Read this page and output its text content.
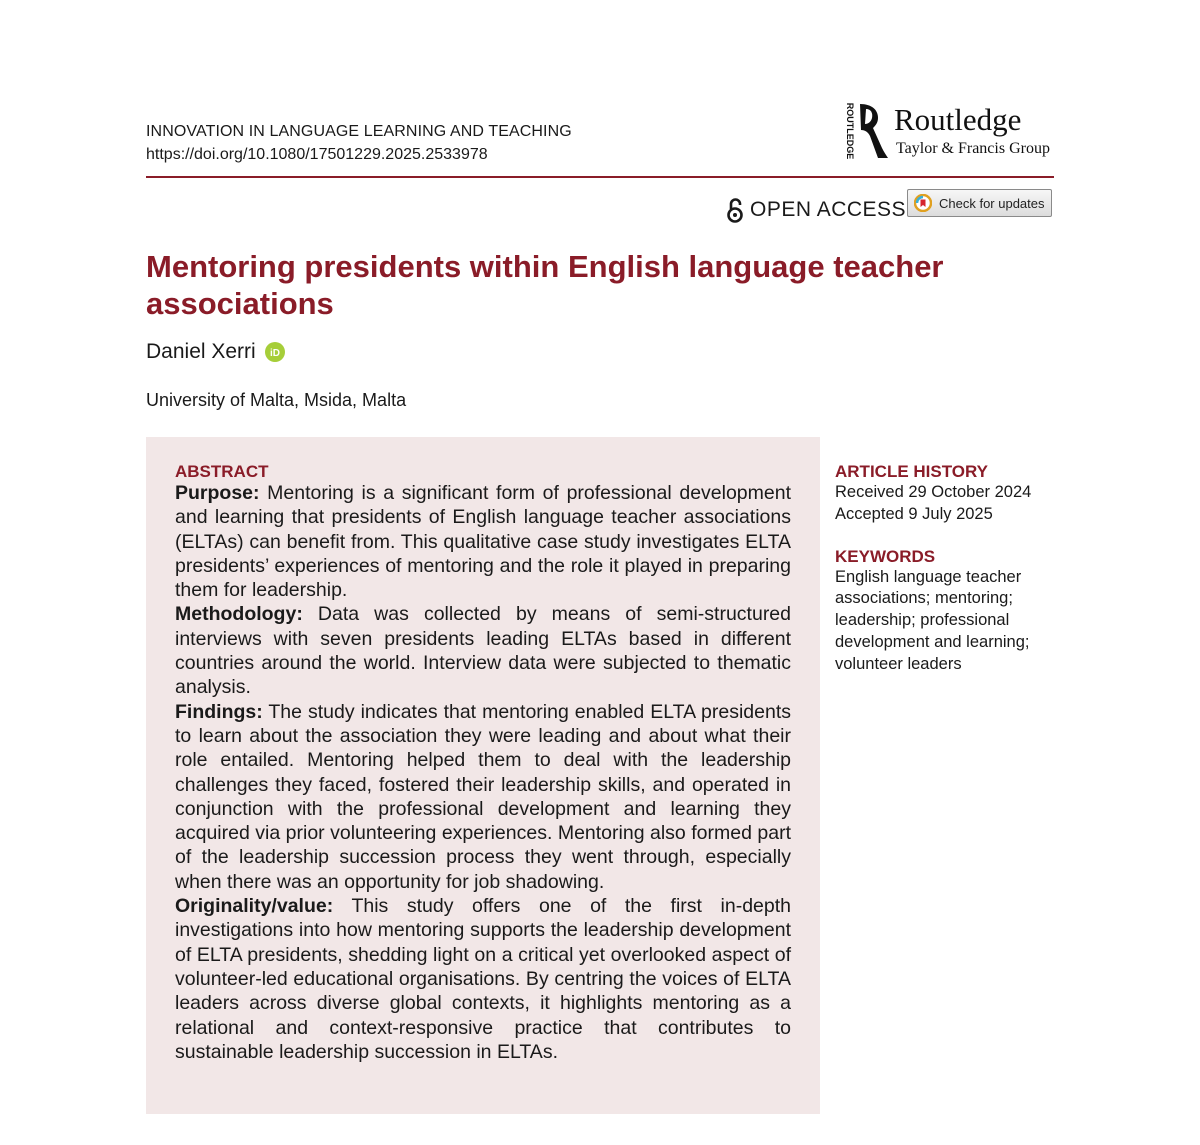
INNOVATION IN LANGUAGE LEARNING AND TEACHING
https://doi.org/10.1080/17501229.2025.2533978	ROUTLEDGE Routledge
Taylor & Francis Group
OPEN ACCESS	Check for updates
Mentoring presidents within English language teacher associations
Daniel Xerri iD
University of Malta, Msida, Malta
ABSTRACT

Purpose: Mentoring is a significant form of professional development and learning that presidents of English language teacher associations (ELTAs) can benefit from. This qualitative case study investigates ELTA presidents’ experiences of mentoring and the role it played in preparing them for leadership.

Methodology: Data was collected by means of semi-structured interviews with seven presidents leading ELTAs based in different countries around the world. Interview data were subjected to thematic analysis.

Findings: The study indicates that mentoring enabled ELTA presidents to learn about the association they were leading and about what their role entailed. Mentoring helped them to deal with the leadership challenges they faced, fostered their leadership skills, and operated in conjunction with the professional development and learning they acquired via prior volunteering experiences. Mentoring also formed part of the leadership succession process they went through, especially when there was an opportunity for job shadowing.

Originality/value: This study offers one of the first in-depth investigations into how mentoring supports the leadership development of ELTA presidents, shedding light on a critical yet overlooked aspect of volunteer-led educational organisations. By centring the voices of ELTA leaders across diverse global contexts, it highlights mentoring as a relational and context-responsive practice that contributes to sustainable leadership succession in ELTAs.

ARTICLE HISTORY
Received 29 October 2024
Accepted 9 July 2025
KEYWORDS
English language teacher associations; mentoring; leadership; professional development and learning; volunteer leaders
